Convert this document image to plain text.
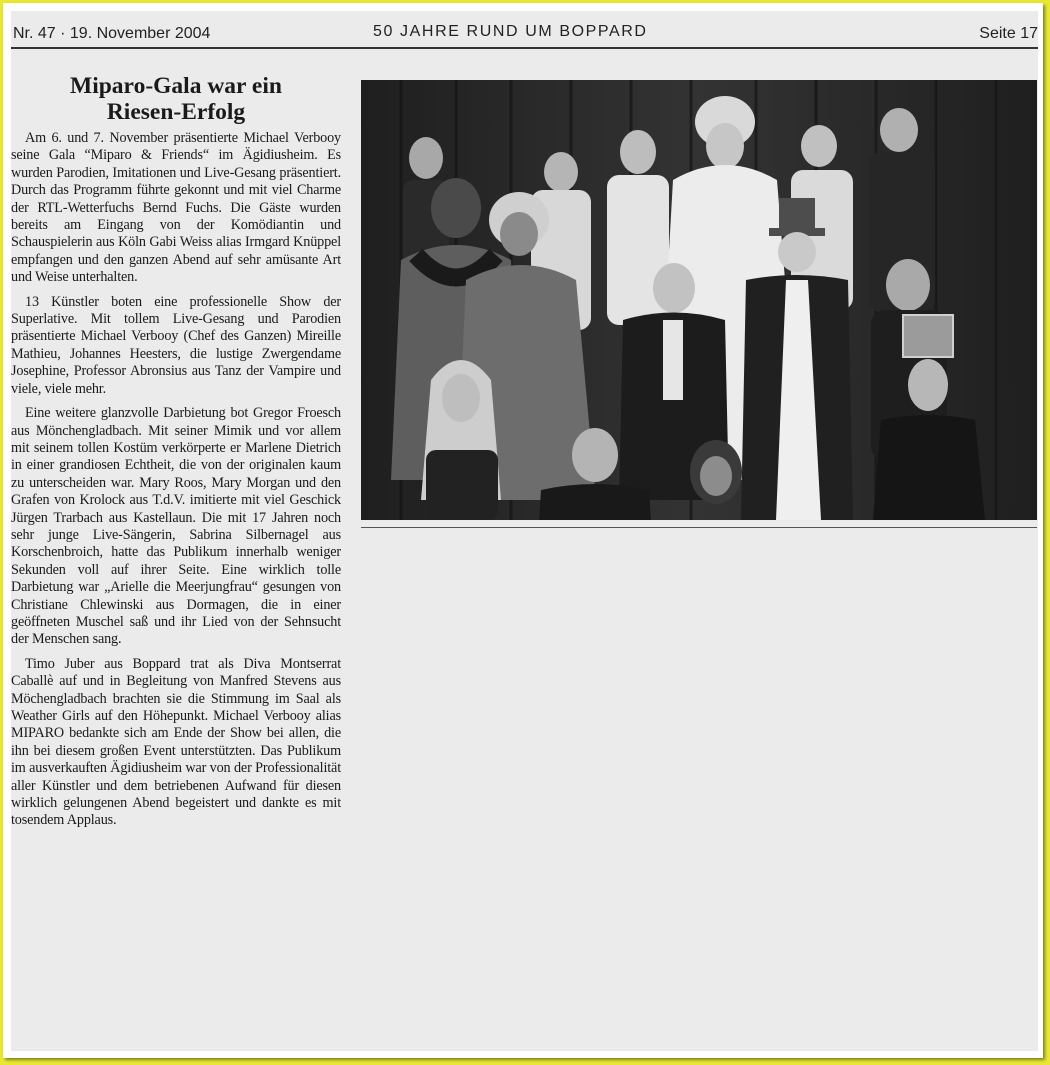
Nr. 47 · 19. November 2004	50 JAHRE RUND UM BOPPARD	Seite 17
Miparo-Gala war ein
Riesen-Erfolg

Am 6. und 7. November präsentierte Michael Verbooy seine Gala “Miparo & Friends“ im Ägidiusheim. Es wurden Parodien, Imitationen und Live-Gesang präsentiert. Durch das Programm führte gekonnt und mit viel Charme der RTL-Wetterfuchs Bernd Fuchs. Die Gäste wurden bereits am Eingang von der Komödiantin und Schauspielerin aus Köln Gabi Weiss alias Irmgard Knüppel empfangen und den ganzen Abend auf sehr amüsante Art und Weise unterhalten.

13 Künstler boten eine professionelle Show der Superlative. Mit tollem Live-Gesang und Parodien präsentierte Michael Verbooy (Chef des Ganzen) Mireille Mathieu, Johannes Heesters, die lustige Zwergendame Josephine, Professor Abronsius aus Tanz der Vampire und viele, viele mehr.

Eine weitere glanzvolle Darbietung bot Gregor Froesch aus Mönchengladbach. Mit seiner Mimik und vor allem mit seinem tollen Kostüm verkörperte er Marlene Dietrich in einer grandiosen Echtheit, die von der originalen kaum zu unterscheiden war. Mary Roos, Mary Morgan und den Grafen von Krolock aus T.d.V. imitierte mit viel Geschick Jürgen Trarbach aus Kastellaun. Die mit 17 Jahren noch sehr junge Live-Sängerin, Sabrina Silbernagel aus Korschenbroich, hatte das Publikum innerhalb weniger Sekunden voll auf ihrer Seite. Eine wirklich tolle Darbietung war „Arielle die Meerjungfrau“ gesungen von Christiane Chlewinski aus Dormagen, die in einer geöffneten Muschel saß und ihr Lied von der Sehnsucht der Menschen sang.

Timo Juber aus Boppard trat als Diva Montserrat Caballè auf und in Begleitung von Manfred Stevens aus Möchengladbach brachten sie die Stimmung im Saal als Weather Girls auf den Höhepunkt. Michael Verbooy alias MIPARO bedankte sich am Ende der Show bei allen, die ihn bei diesem großen Event unterstützten. Das Publikum im ausverkauften Ägidiusheim war von der Professionalität aller Künstler und dem betriebenen Aufwand für diesen wirklich gelungenen Abend begeistert und dankte es mit tosendem Applaus.
